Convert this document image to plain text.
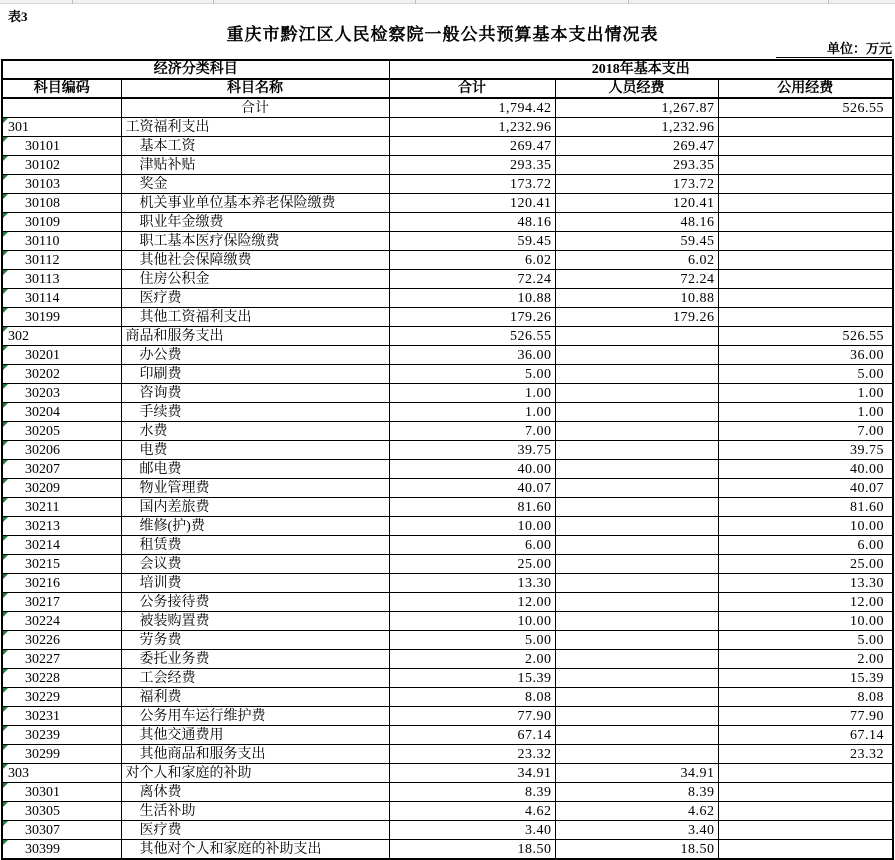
表3
重庆市黔江区人民检察院一般公共预算基本支出情况表
单位：万元
经济分类科目		2018年基本支出		
科目编码	科目名称	合计	人员经费	公用经费
	合计	1,794.42	1,267.87	526.55

301	工资福利支出	1,232.96	1,232.96	

30101	基本工资	269.47	269.47	

30102	津贴补贴	293.35	293.35	

30103	奖金	173.72	173.72	

30108	机关事业单位基本养老保险缴费	120.41	120.41	

30109	职业年金缴费	48.16	48.16	

30110	职工基本医疗保险缴费	59.45	59.45	

30112	其他社会保障缴费	6.02	6.02	

30113	住房公积金	72.24	72.24	

30114	医疗费	10.88	10.88	

30199	其他工资福利支出	179.26	179.26	

302	商品和服务支出	526.55		526.55

30201	办公费	36.00		36.00

30202	印刷费	5.00		5.00

30203	咨询费	1.00		1.00

30204	手续费	1.00		1.00

30205	水费	7.00		7.00

30206	电费	39.75		39.75

30207	邮电费	40.00		40.00

30209	物业管理费	40.07		40.07

30211	国内差旅费	81.60		81.60

30213	维修(护)费	10.00		10.00

30214	租赁费	6.00		6.00

30215	会议费	25.00		25.00

30216	培训费	13.30		13.30

30217	公务接待费	12.00		12.00

30224	被装购置费	10.00		10.00

30226	劳务费	5.00		5.00

30227	委托业务费	2.00		2.00

30228	工会经费	15.39		15.39

30229	福利费	8.08		8.08

30231	公务用车运行维护费	77.90		77.90

30239	其他交通费用	67.14		67.14

30299	其他商品和服务支出	23.32		23.32

303	对个人和家庭的补助	34.91	34.91	

30301	离休费	8.39	8.39	

30305	生活补助	4.62	4.62	

30307	医疗费	3.40	3.40	

30399	其他对个人和家庭的补助支出	18.50	18.50	
